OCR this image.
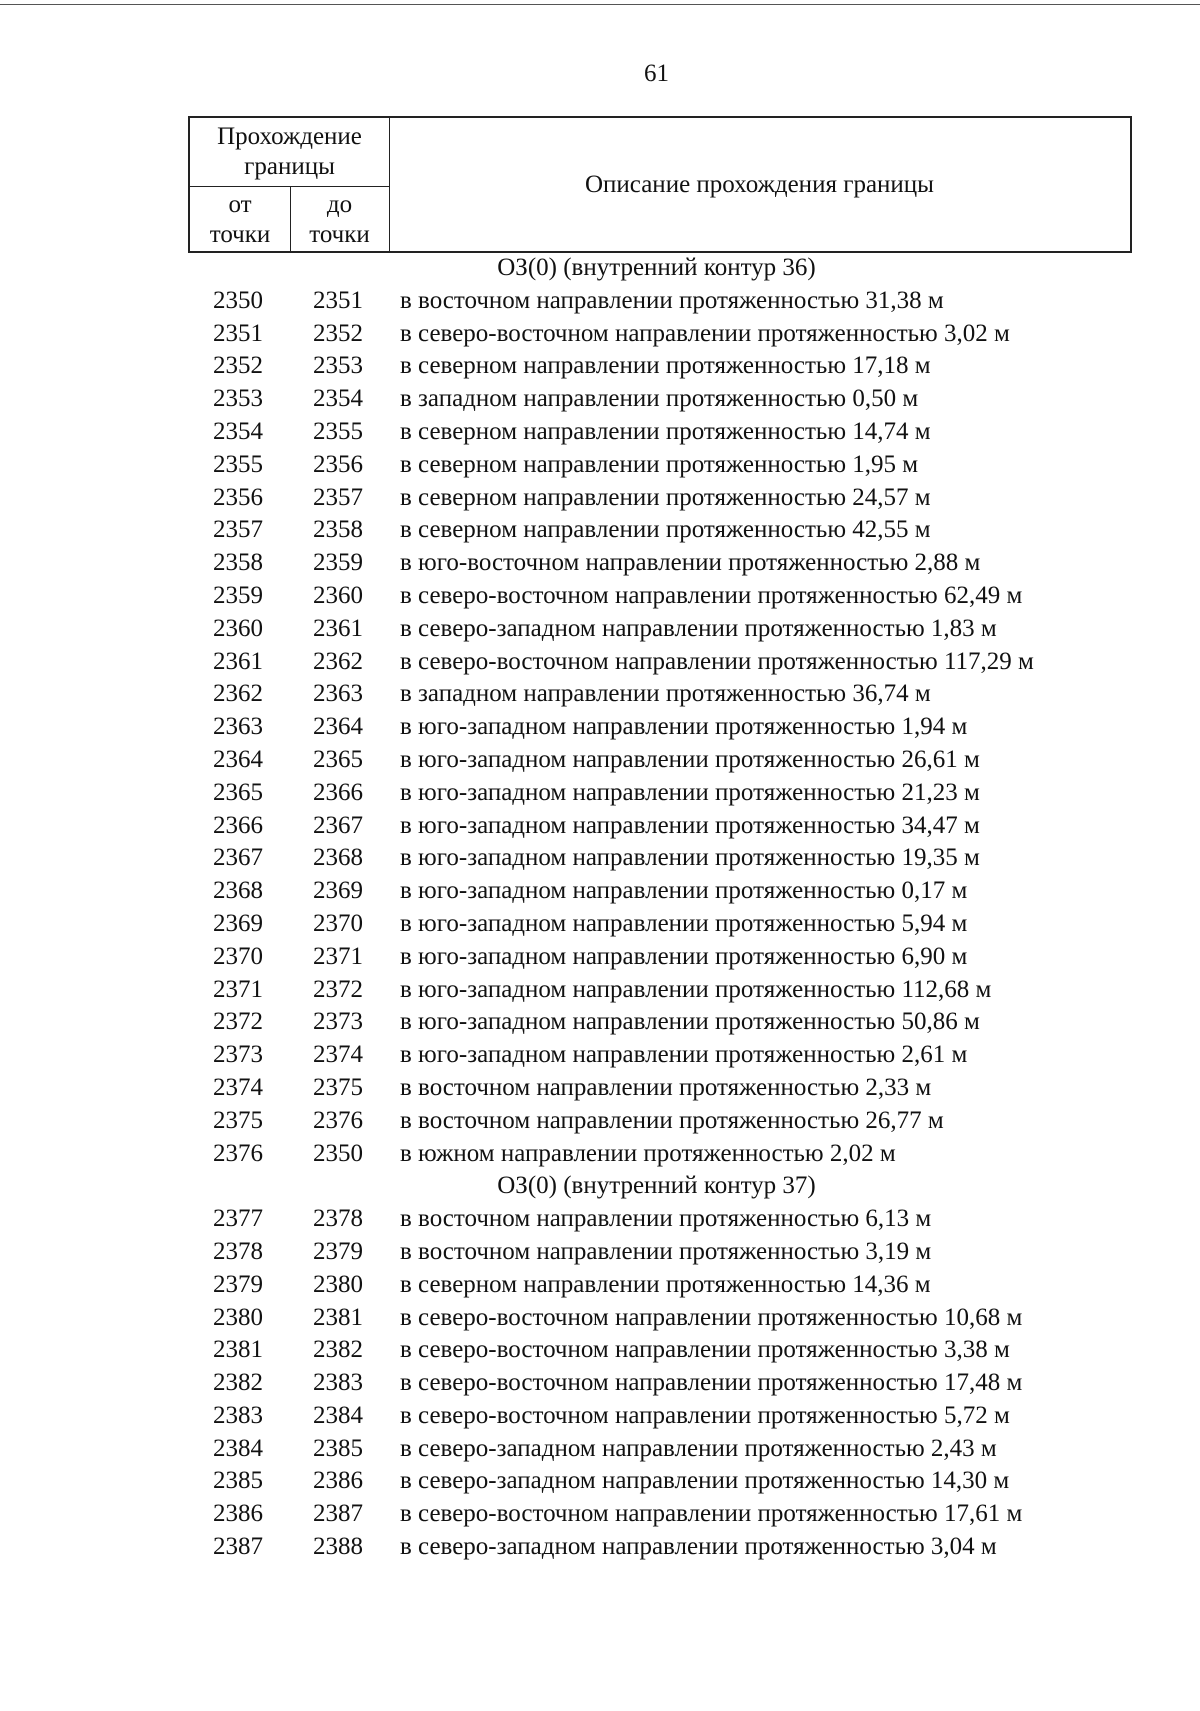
61
Прохождение границы
от точки
до точки
Описание прохождения границы
ОЗ(0) (внутренний контур 36)
2350	2351	в восточном направлении протяженностью 31,38 м
2351	2352	в северо-восточном направлении протяженностью 3,02 м
2352	2353	в северном направлении протяженностью 17,18 м
2353	2354	в западном направлении протяженностью 0,50 м
2354	2355	в северном направлении протяженностью 14,74 м
2355	2356	в северном направлении протяженностью 1,95 м
2356	2357	в северном направлении протяженностью 24,57 м
2357	2358	в северном направлении протяженностью 42,55 м
2358	2359	в юго-восточном направлении протяженностью 2,88 м
2359	2360	в северо-восточном направлении протяженностью 62,49 м
2360	2361	в северо-западном направлении протяженностью 1,83 м
2361	2362	в северо-восточном направлении протяженностью 117,29 м
2362	2363	в западном направлении протяженностью 36,74 м
2363	2364	в юго-западном направлении протяженностью 1,94 м
2364	2365	в юго-западном направлении протяженностью 26,61 м
2365	2366	в юго-западном направлении протяженностью 21,23 м
2366	2367	в юго-западном направлении протяженностью 34,47 м
2367	2368	в юго-западном направлении протяженностью 19,35 м
2368	2369	в юго-западном направлении протяженностью 0,17 м
2369	2370	в юго-западном направлении протяженностью 5,94 м
2370	2371	в юго-западном направлении протяженностью 6,90 м
2371	2372	в юго-западном направлении протяженностью 112,68 м
2372	2373	в юго-западном направлении протяженностью 50,86 м
2373	2374	в юго-западном направлении протяженностью 2,61 м
2374	2375	в восточном направлении протяженностью 2,33 м
2375	2376	в восточном направлении протяженностью 26,77 м
2376	2350	в южном направлении протяженностью 2,02 м
ОЗ(0) (внутренний контур 37)
2377	2378	в восточном направлении протяженностью 6,13 м
2378	2379	в восточном направлении протяженностью 3,19 м
2379	2380	в северном направлении протяженностью 14,36 м
2380	2381	в северо-восточном направлении протяженностью 10,68 м
2381	2382	в северо-восточном направлении протяженностью 3,38 м
2382	2383	в северо-восточном направлении протяженностью 17,48 м
2383	2384	в северо-восточном направлении протяженностью 5,72 м
2384	2385	в северо-западном направлении протяженностью 2,43 м
2385	2386	в северо-западном направлении протяженностью 14,30 м
2386	2387	в северо-восточном направлении протяженностью 17,61 м
2387	2388	в северо-западном направлении протяженностью 3,04 м
